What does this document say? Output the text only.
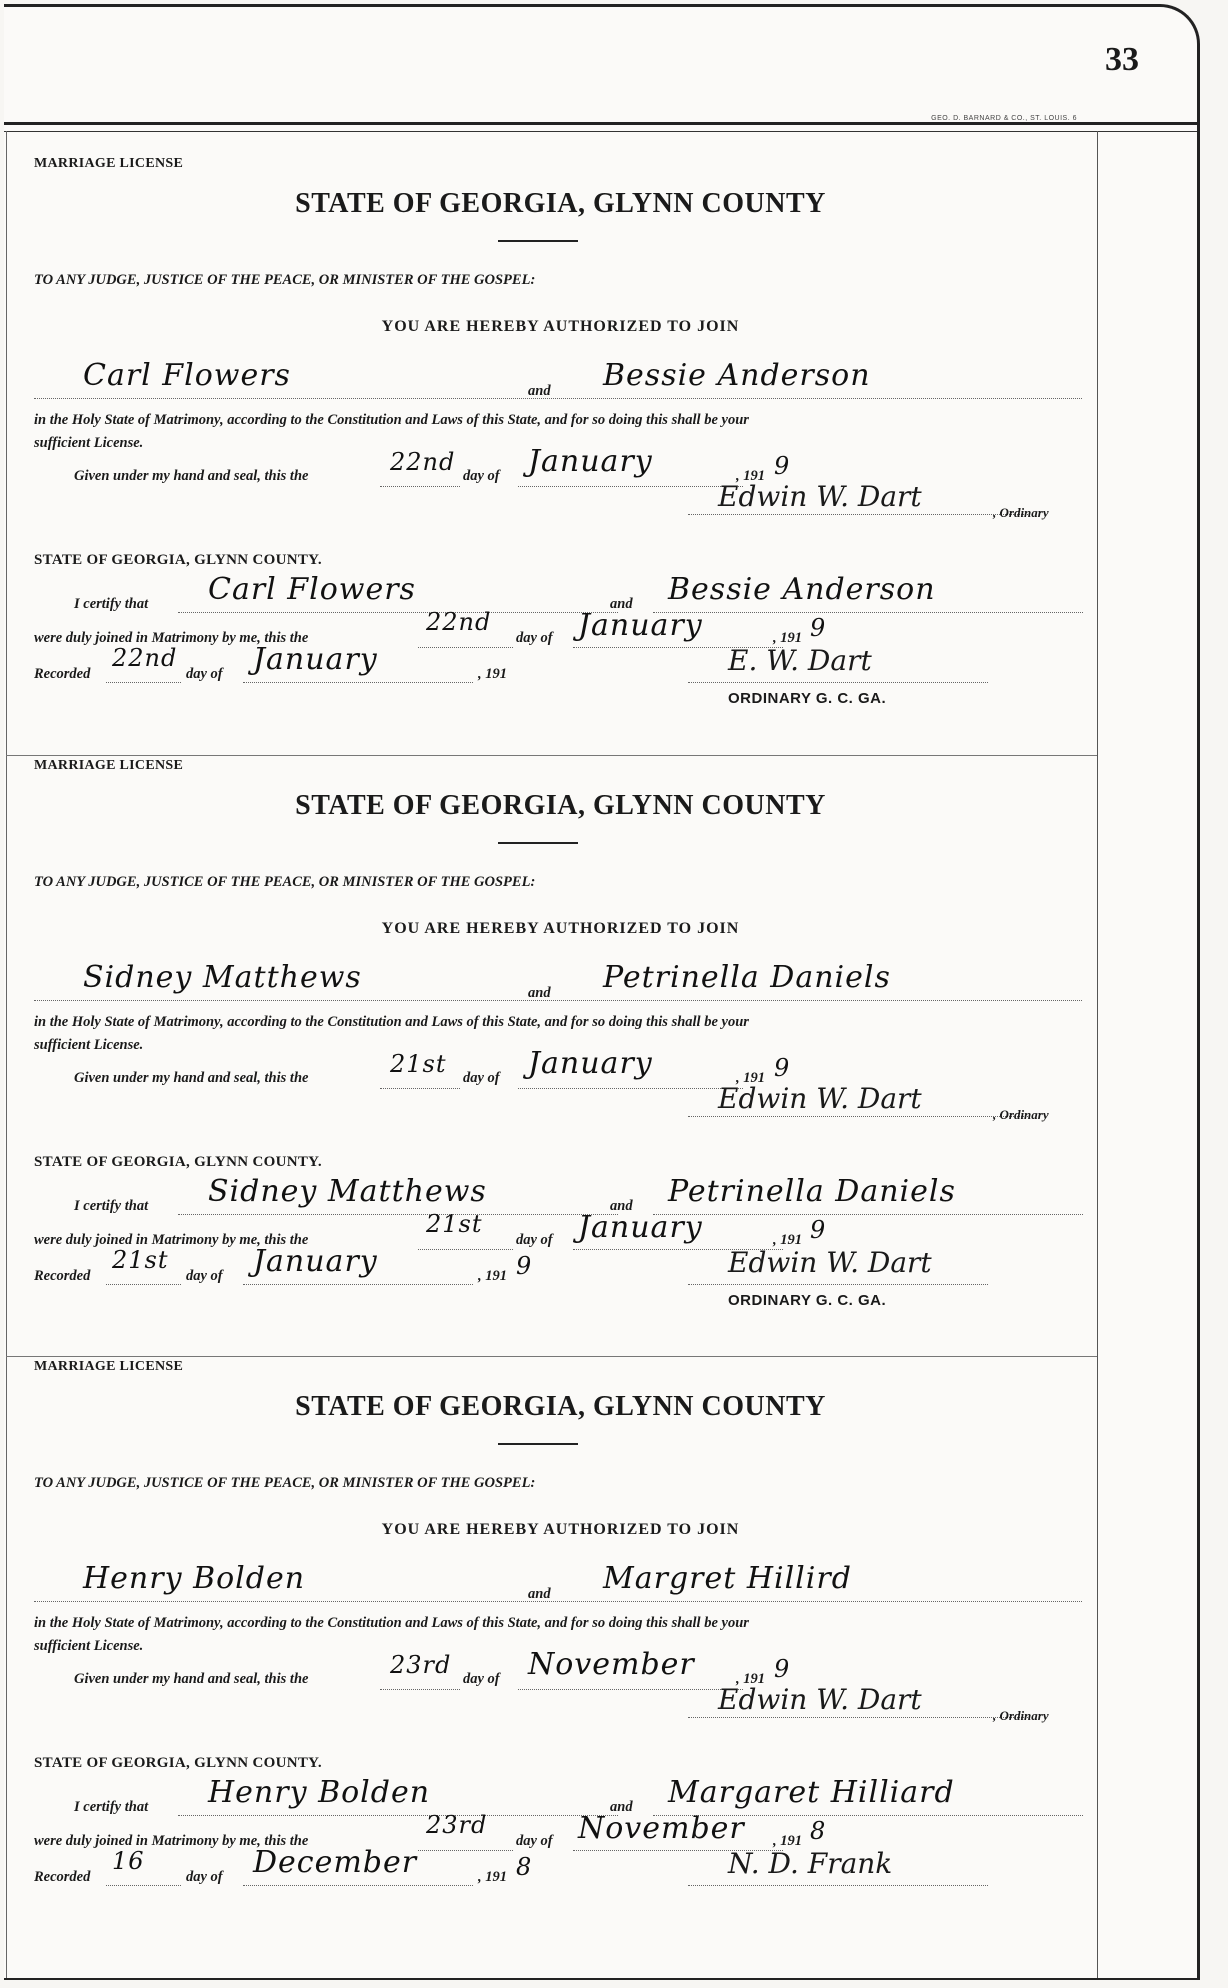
33
GEO. D. BARNARD & CO., ST. LOUIS. 6
MARRIAGE LICENSE
STATE OF GEORGIA, GLYNN COUNTY
TO ANY JUDGE, JUSTICE OF THE PEACE, OR MINISTER OF THE GOSPEL:
YOU ARE HEREBY AUTHORIZED TO JOIN
Carl Flowers	and Bessie Anderson
in the Holy State of Matrimony, according to the Constitution and Laws of this State, and for so doing this shall be your
sufficient License.
Given under my hand and seal, this the	22nd day of January	, 191 9
Edwin W. Dart	, Ordinary
STATE OF GEORGIA, GLYNN COUNTY.
I certify that Carl Flowers	and Bessie Anderson
were duly joined in Matrimony by me, this the
22nd
day of January	, 191 9
Recorded
22nd
day of January	, 191	E. W. Dart
ORDINARY G. C. GA.
MARRIAGE LICENSE
STATE OF GEORGIA, GLYNN COUNTY
TO ANY JUDGE, JUSTICE OF THE PEACE, OR MINISTER OF THE GOSPEL:
YOU ARE HEREBY AUTHORIZED TO JOIN
Sidney Matthews	and Petrinella Daniels
in the Holy State of Matrimony, according to the Constitution and Laws of this State, and for so doing this shall be your
sufficient License.
Given under my hand and seal, this the	21st day of January	, 191 9
Edwin W. Dart	, Ordinary
STATE OF GEORGIA, GLYNN COUNTY.
I certify that Sidney Matthews	and Petrinella Daniels
were duly joined in Matrimony by me, this the
21st
day of January	, 191 9
Recorded
21st
day of January	, 191 9	Edwin W. Dart
ORDINARY G. C. GA.
MARRIAGE LICENSE
STATE OF GEORGIA, GLYNN COUNTY
TO ANY JUDGE, JUSTICE OF THE PEACE, OR MINISTER OF THE GOSPEL:
YOU ARE HEREBY AUTHORIZED TO JOIN
Henry Bolden	and Margret Hillird
in the Holy State of Matrimony, according to the Constitution and Laws of this State, and for so doing this shall be your
sufficient License.
Given under my hand and seal, this the	23rd day of November	, 191 9
Edwin W. Dart	, Ordinary
STATE OF GEORGIA, GLYNN COUNTY.
I certify that Henry Bolden	and Margaret Hilliard
were duly joined in Matrimony by me, this the
23rd
day of November , 191 8
Recorded
16
day of December	, 191 8	N. D. Frank
